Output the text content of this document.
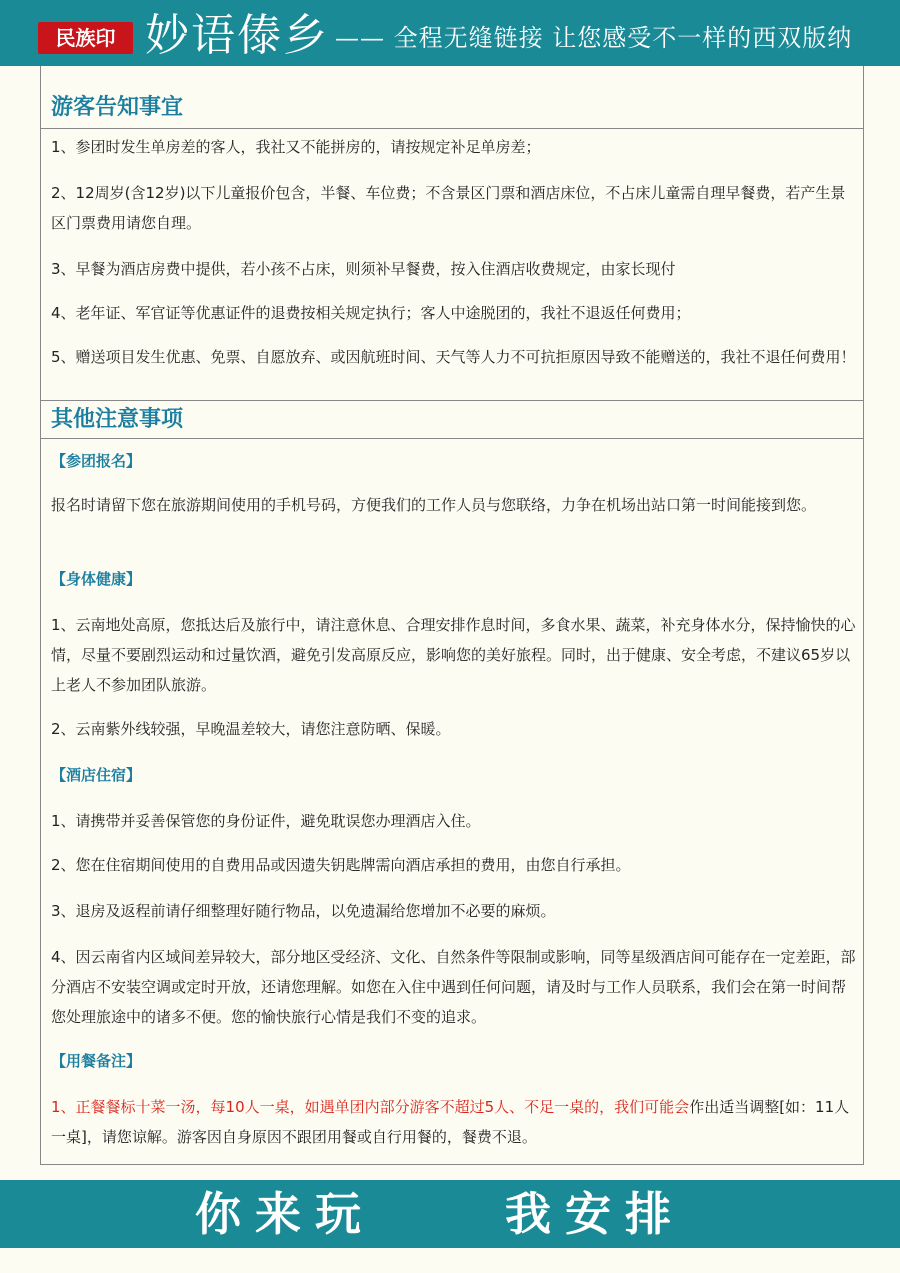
民族印 妙语傣乡 —— 全程无缝链接 让您感受不一样的西双版纳
游客告知事宜
1、参团时发生单房差的客人，我社又不能拼房的，请按规定补足单房差；
2、12周岁(含12岁)以下儿童报价包含，半餐、车位费；不含景区门票和酒店床位，不占床儿童需自理早餐费，若产生景区门票费用请您自理。
3、早餐为酒店房费中提供，若小孩不占床，则须补早餐费，按入住酒店收费规定，由家长现付
4、老年证、军官证等优惠证件的退费按相关规定执行；客人中途脱团的，我社不退返任何费用；
5、赠送项目发生优惠、免票、自愿放弃、或因航班时间、天气等人力不可抗拒原因导致不能赠送的，我社不退任何费用！
其他注意事项
【参团报名】
报名时请留下您在旅游期间使用的手机号码，方便我们的工作人员与您联络，力争在机场出站口第一时间能接到您。
【身体健康】
1、云南地处高原，您抵达后及旅行中，请注意休息、合理安排作息时间，多食水果、蔬菜，补充身体水分，保持愉快的心情，尽量不要剧烈运动和过量饮酒，避免引发高原反应，影响您的美好旅程。同时，出于健康、安全考虑，不建议65岁以上老人不参加团队旅游。
2、云南紫外线较强，早晚温差较大，请您注意防晒、保暖。
【酒店住宿】
1、请携带并妥善保管您的身份证件，避免耽误您办理酒店入住。
2、您在住宿期间使用的自费用品或因遗失钥匙牌需向酒店承担的费用，由您自行承担。
3、退房及返程前请仔细整理好随行物品，以免遗漏给您增加不必要的麻烦。
4、因云南省内区域间差异较大，部分地区受经济、文化、自然条件等限制或影响，同等星级酒店间可能存在一定差距，部分酒店不安装空调或定时开放，还请您理解。如您在入住中遇到任何问题，请及时与工作人员联系，我们会在第一时间帮您处理旅途中的诸多不便。您的愉快旅行心情是我们不变的追求。
【用餐备注】
1、正餐餐标十菜一汤，每10人一桌，如遇单团内部分游客不超过5人、不足一桌的，我们可能会作出适当调整[如：11人一桌]，请您谅解。游客因自身原因不跟团用餐或自行用餐的，餐费不退。
你来玩	我安排
